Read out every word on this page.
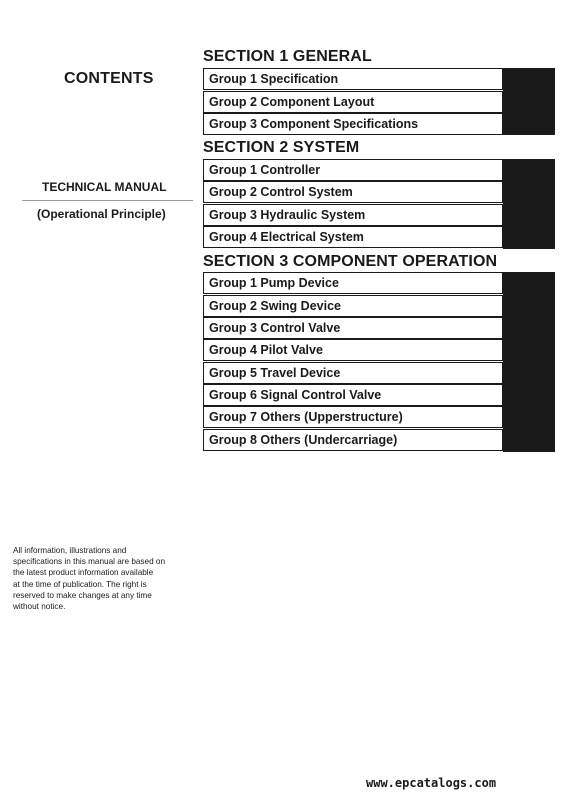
CONTENTS
TECHNICAL MANUAL
(Operational Principle)
SECTION 1 GENERAL
Group 1 Specification
Group 2 Component Layout
Group 3 Component Specifications
SECTION 2 SYSTEM
Group 1 Controller
Group 2 Control System
Group 3 Hydraulic System
Group 4 Electrical System
SECTION 3 COMPONENT OPERATION
Group 1 Pump Device
Group 2 Swing Device
Group 3 Control Valve
Group 4 Pilot Valve
Group 5 Travel Device
Group 6 Signal Control Valve
Group 7 Others (Upperstructure)
Group 8 Others (Undercarriage)
All information, illustrations and
specifications in this manual are based on
the latest product information available
at the time of publication. The right is
reserved to make changes at any time
without notice.
www.epcatalogs.com
